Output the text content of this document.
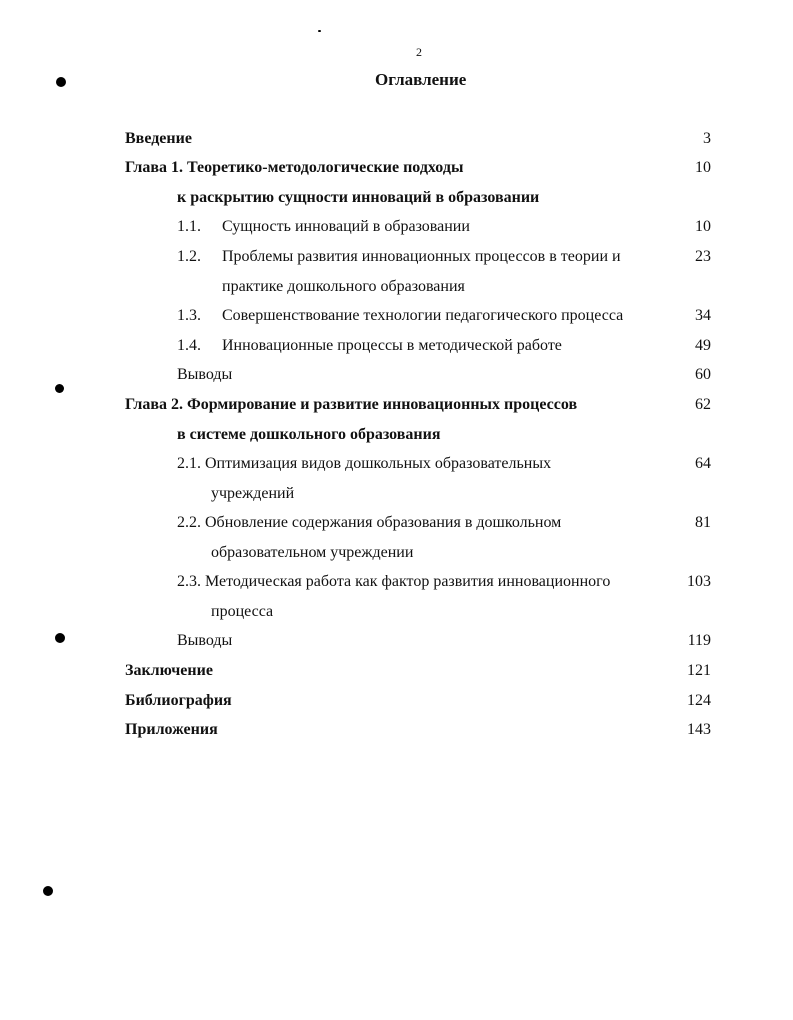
2
Оглавление
Введение	3
Глава 1. Теоретико-методологические подходы	10
к раскрытию сущности инноваций в образовании
1.1. Сущность инноваций в образовании	10
1.2. Проблемы развития инновационных процессов в теории и	23
практике дошкольного образования
1.3. Совершенствование технологии педагогического процесса	34
1.4. Инновационные процессы в методической работе	49
Выводы	60
Глава 2. Формирование и развитие инновационных процессов	62
в системе дошкольного образования
2.1. Оптимизация видов дошкольных образовательных	64
учреждений
2.2. Обновление содержания образования в дошкольном	81
образовательном учреждении
2.3. Методическая работа как фактор развития инновационного	103
процесса
Выводы	119
Заключение	121
Библиография	124
Приложения	143
